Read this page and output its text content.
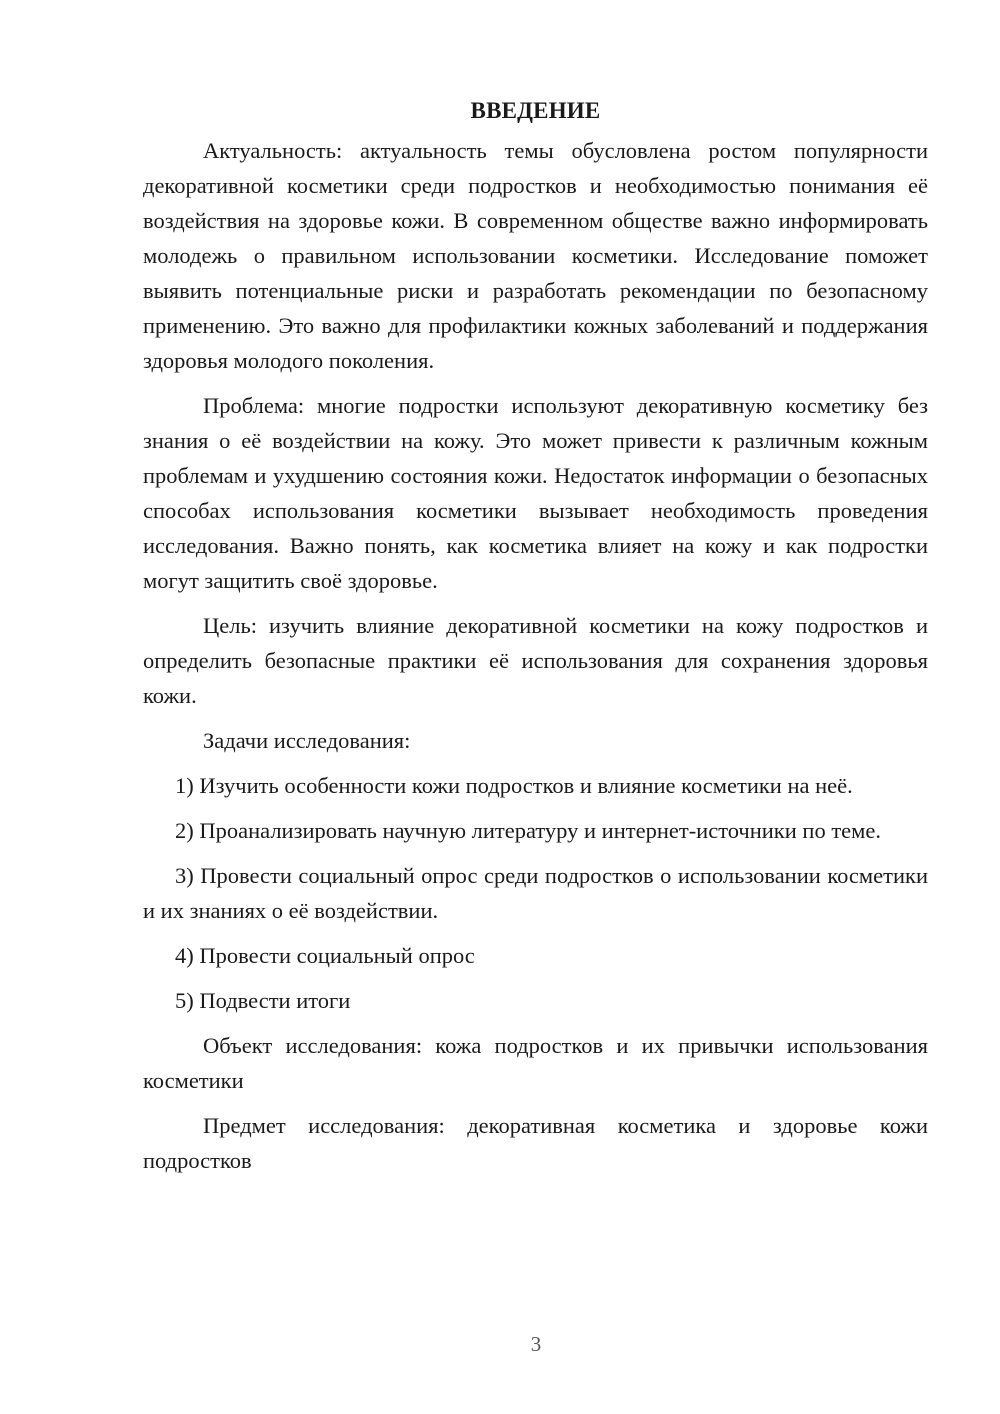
ВВЕДЕНИЕ

Актуальность: актуальность темы обусловлена ростом популярности декоративной косметики среди подростков и необходимостью понимания её воздействия на здоровье кожи. В современном обществе важно информировать молодежь о правильном использовании косметики. Исследование поможет выявить потенциальные риски и разработать рекомендации по безопасному применению. Это важно для профилактики кожных заболеваний и поддержания здоровья молодого поколения.

Проблема: многие подростки используют декоративную косметику без знания о её воздействии на кожу. Это может привести к различным кожным проблемам и ухудшению состояния кожи. Недостаток информации о безопасных способах использования косметики вызывает необходимость проведения исследования. Важно понять, как косметика влияет на кожу и как подростки могут защитить своё здоровье.

Цель: изучить влияние декоративной косметики на кожу подростков и определить безопасные практики её использования для сохранения здоровья кожи.

Задачи исследования:

1) Изучить особенности кожи подростков и влияние косметики на неё.

2) Проанализировать научную литературу и интернет-источники по теме.

3) Провести социальный опрос среди подростков о использовании косметики и их знаниях о её воздействии.

4) Провести социальный опрос

5) Подвести итоги

Объект исследования: кожа подростков и их привычки использования косметики

Предмет исследования: декоративная косметика и здоровье кожи подростков

3
